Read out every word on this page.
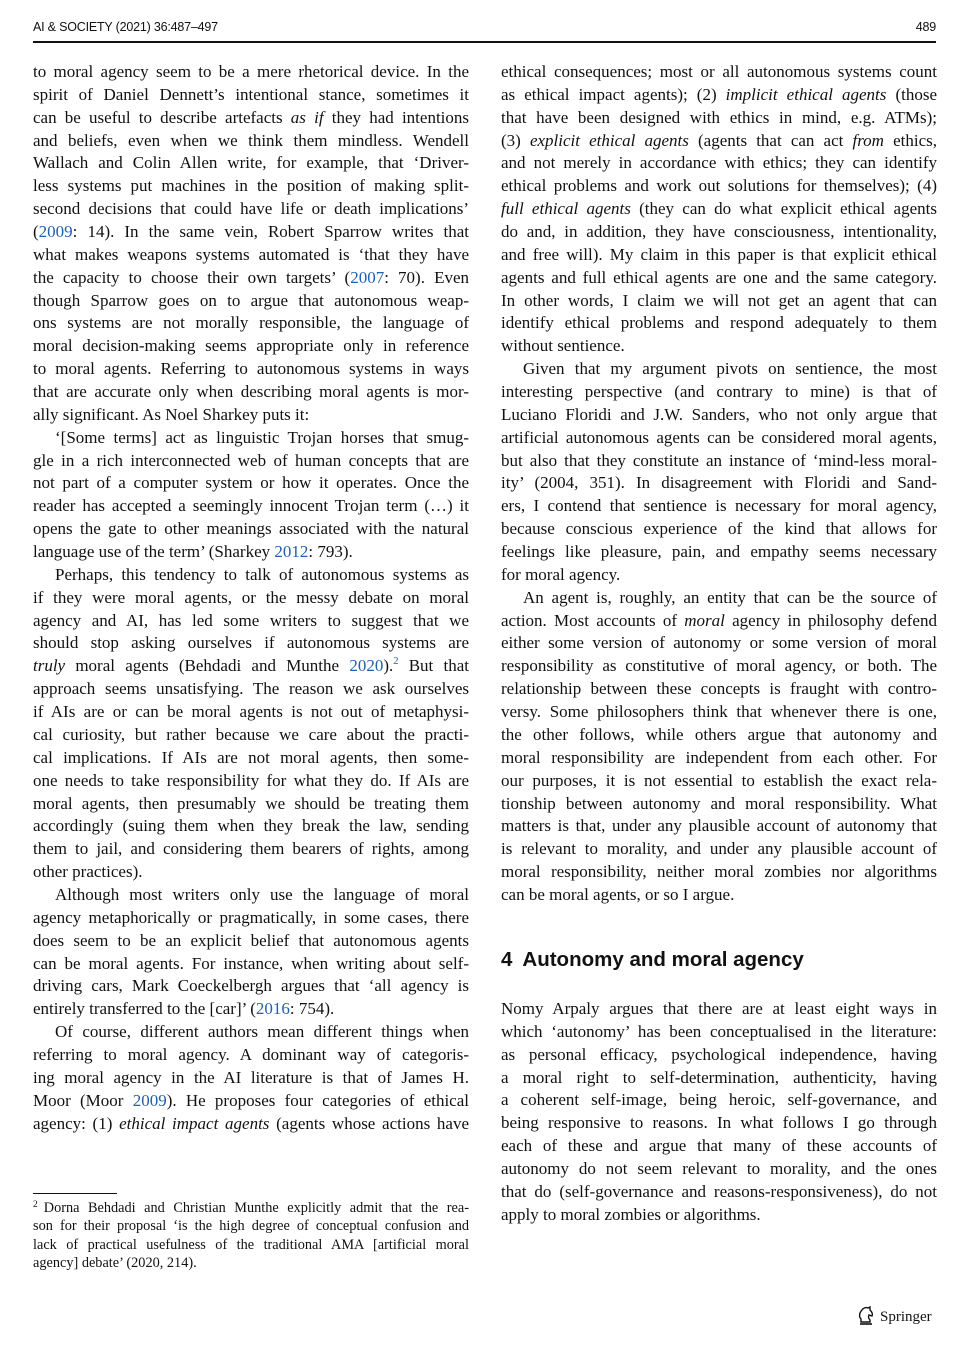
AI & SOCIETY (2021) 36:487–497	489
to moral agency seem to be a mere rhetorical device. In the
spirit of Daniel Dennett’s intentional stance, sometimes it
can be useful to describe artefacts as if they had intentions
and beliefs, even when we think them mindless. Wendell
Wallach and Colin Allen write, for example, that ‘Driver-
less systems put machines in the position of making split-
second decisions that could have life or death implications’
(2009: 14). In the same vein, Robert Sparrow writes that
what makes weapons systems automated is ‘that they have
the capacity to choose their own targets’ (2007: 70). Even
though Sparrow goes on to argue that autonomous weap-
ons systems are not morally responsible, the language of
moral decision-making seems appropriate only in reference
to moral agents. Referring to autonomous systems in ways
that are accurate only when describing moral agents is mor-
ally significant. As Noel Sharkey puts it:
‘[Some terms] act as linguistic Trojan horses that smug-
gle in a rich interconnected web of human concepts that are
not part of a computer system or how it operates. Once the
reader has accepted a seemingly innocent Trojan term (…) it
opens the gate to other meanings associated with the natural
language use of the term’ (Sharkey 2012: 793).
Perhaps, this tendency to talk of autonomous systems as
if they were moral agents, or the messy debate on moral
agency and AI, has led some writers to suggest that we
should stop asking ourselves if autonomous systems are
truly moral agents (Behdadi and Munthe 2020).$^2$ But that
approach seems unsatisfying. The reason we ask ourselves
if AIs are or can be moral agents is not out of metaphysi-
cal curiosity, but rather because we care about the practi-
cal implications. If AIs are not moral agents, then some-
one needs to take responsibility for what they do. If AIs are
moral agents, then presumably we should be treating them
accordingly (suing them when they break the law, sending
them to jail, and considering them bearers of rights, among
other practices).
Although most writers only use the language of moral
agency metaphorically or pragmatically, in some cases, there
does seem to be an explicit belief that autonomous agents
can be moral agents. For instance, when writing about self-
driving cars, Mark Coeckelbergh argues that ‘all agency is
entirely transferred to the [car]’ (2016: 754).
Of course, different authors mean different things when
referring to moral agency. A dominant way of categoris-
ing moral agency in the AI literature is that of James H.
Moor (Moor 2009). He proposes four categories of ethical
agency: (1) ethical impact agents (agents whose actions have
ethical consequences; most or all autonomous systems count
as ethical impact agents); (2) implicit ethical agents (those
that have been designed with ethics in mind, e.g. ATMs);
(3) explicit ethical agents (agents that can act from ethics,
and not merely in accordance with ethics; they can identify
ethical problems and work out solutions for themselves); (4)
full ethical agents (they can do what explicit ethical agents
do and, in addition, they have consciousness, intentionality,
and free will). My claim in this paper is that explicit ethical
agents and full ethical agents are one and the same category.
In other words, I claim we will not get an agent that can
identify ethical problems and respond adequately to them
without sentience.
Given that my argument pivots on sentience, the most
interesting perspective (and contrary to mine) is that of
Luciano Floridi and J.W. Sanders, who not only argue that
artificial autonomous agents can be considered moral agents,
but also that they constitute an instance of ‘mind-less moral-
ity’ (2004, 351). In disagreement with Floridi and Sand-
ers, I contend that sentience is necessary for moral agency,
because conscious experience of the kind that allows for
feelings like pleasure, pain, and empathy seems necessary
for moral agency.
An agent is, roughly, an entity that can be the source of
action. Most accounts of moral agency in philosophy defend
either some version of autonomy or some version of moral
responsibility as constitutive of moral agency, or both. The
relationship between these concepts is fraught with contro-
versy. Some philosophers think that whenever there is one,
the other follows, while others argue that autonomy and
moral responsibility are independent from each other. For
our purposes, it is not essential to establish the exact rela-
tionship between autonomy and moral responsibility. What
matters is that, under any plausible account of autonomy that
is relevant to morality, and under any plausible account of
moral responsibility, neither moral zombies nor algorithms
can be moral agents, or so I argue.
4 Autonomy and moral agency
Nomy Arpaly argues that there are at least eight ways in
which ‘autonomy’ has been conceptualised in the literature:
as personal efficacy, psychological independence, having
a moral right to self-determination, authenticity, having
a coherent self-image, being heroic, self-governance, and
being responsive to reasons. In what follows I go through
each of these and argue that many of these accounts of
autonomy do not seem relevant to morality, and the ones
that do (self-governance and reasons-responsiveness), do not
apply to moral zombies or algorithms.
$^2$ Dorna Behdadi and Christian Munthe explicitly admit that the rea-
son for their proposal ‘is the high degree of conceptual confusion and
lack of practical usefulness of the traditional AMA [artificial moral
agency] debate’ (2020, 214).
Springer
